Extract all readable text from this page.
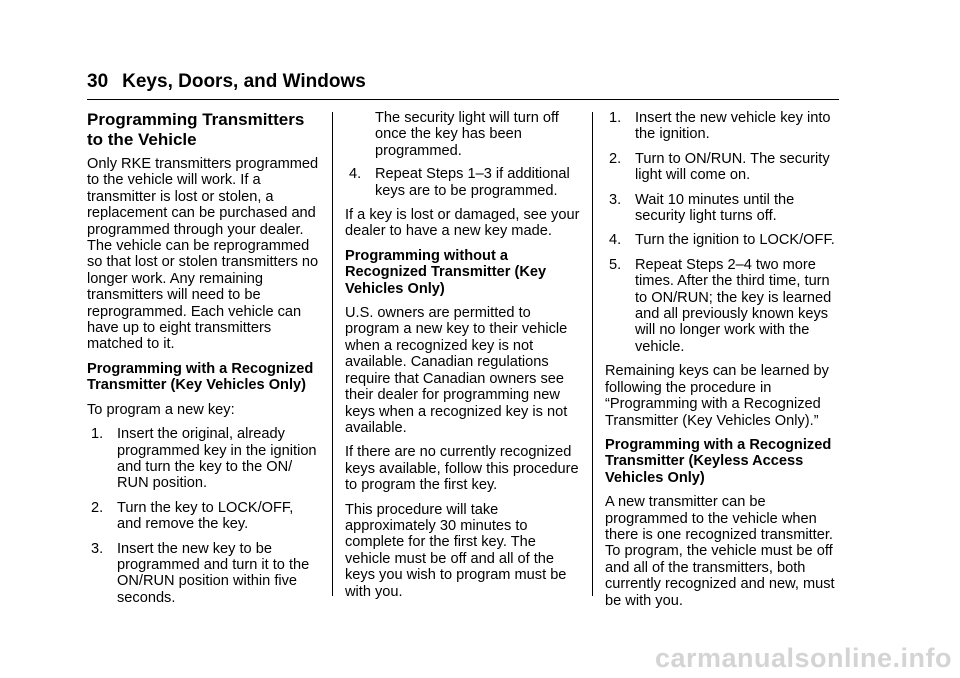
30 Keys, Doors, and Windows
Programming Transmitters to the Vehicle

Only RKE transmitters programmed to the vehicle will work. If a transmitter is lost or stolen, a replacement can be purchased and programmed through your dealer. The vehicle can be reprogrammed so that lost or stolen transmitters no longer work. Any remaining transmitters will need to be reprogrammed. Each vehicle can have up to eight transmitters matched to it.

Programming with a Recognized Transmitter (Key Vehicles Only)

To program a new key:

1. Insert the original, already programmed key in the ignition and turn the key to the ON/ RUN position.
2. Turn the key to LOCK/OFF, and remove the key.
3. Insert the new key to be programmed and turn it to the ON/RUN position within five seconds.
The security light will turn off once the key has been programmed.
4. Repeat Steps 1–3 if additional keys are to be programmed.

If a key is lost or damaged, see your dealer to have a new key made.

Programming without a Recognized Transmitter (Key Vehicles Only)

U.S. owners are permitted to program a new key to their vehicle when a recognized key is not available. Canadian regulations require that Canadian owners see their dealer for programming new keys when a recognized key is not available.

If there are no currently recognized keys available, follow this procedure to program the first key.

This procedure will take approximately 30 minutes to complete for the first key. The vehicle must be off and all of the keys you wish to program must be with you.

1. Insert the new vehicle key into the ignition.
2. Turn to ON/RUN. The security light will come on.
3. Wait 10 minutes until the security light turns off.
4. Turn the ignition to LOCK/OFF.
5. Repeat Steps 2–4 two more times. After the third time, turn to ON/RUN; the key is learned and all previously known keys will no longer work with the vehicle.

Remaining keys can be learned by following the procedure in “Programming with a Recognized Transmitter (Key Vehicles Only).”

Programming with a Recognized Transmitter (Keyless Access Vehicles Only)

A new transmitter can be programmed to the vehicle when there is one recognized transmitter. To program, the vehicle must be off and all of the transmitters, both currently recognized and new, must be with you.

carmanualsonline.info
